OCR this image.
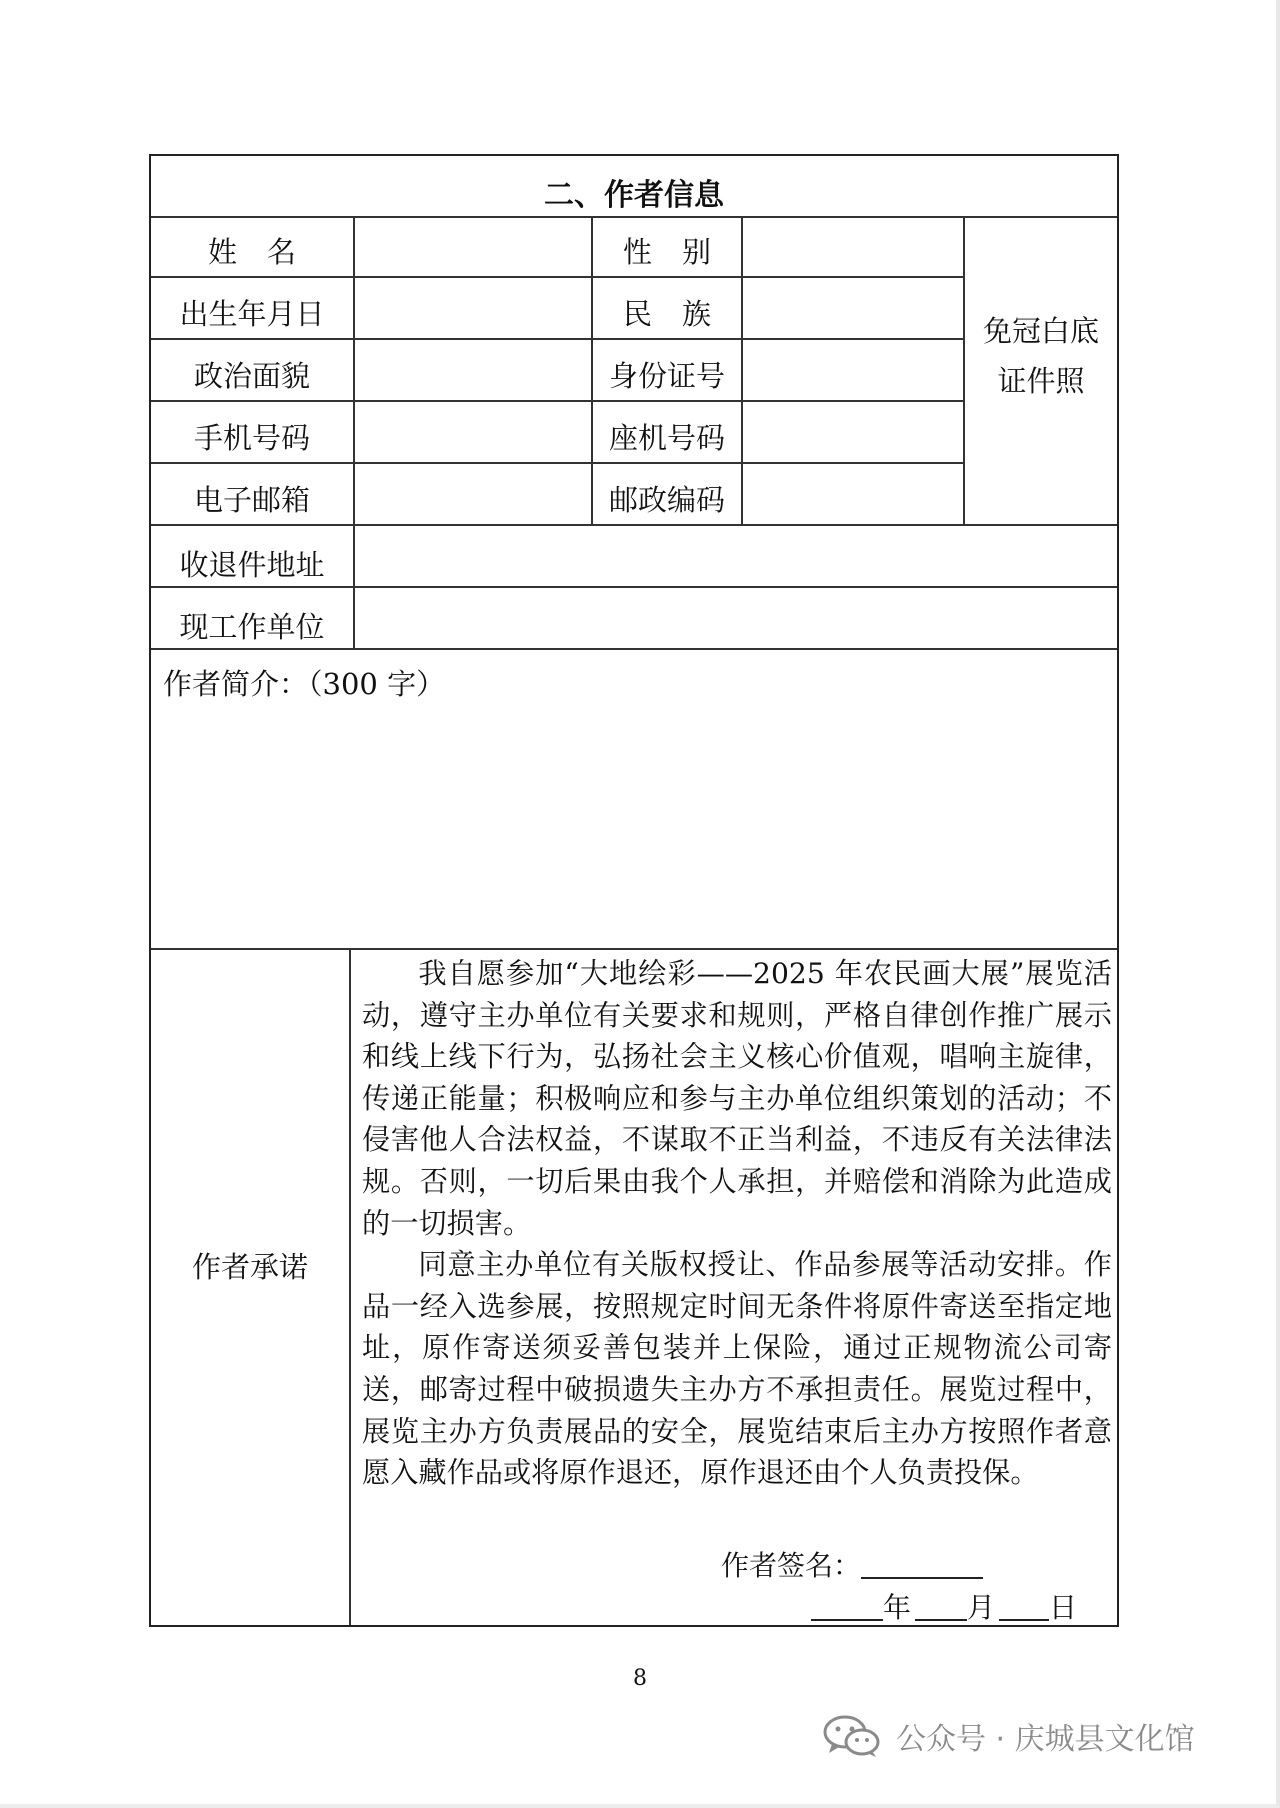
二、作者信息
姓名	性别
出生年月日	民族
政治面貌	身份证号
手机号码	座机号码
电子邮箱	邮政编码
免冠白底
证件照
收退件地址
现工作单位
作者简介：（300 字）
作者承诺

我自愿参加“大地绘彩——2025 年农民画大展”展览活动，遵守主办单位有关要求和规则，严格自律创作推广展示和线上线下行为，弘扬社会主义核心价值观，唱响主旋律，传递正能量；积极响应和参与主办单位组织策划的活动；不侵害他人合法权益，不谋取不正当利益，不违反有关法律法规。否则，一切后果由我个人承担，并赔偿和消除为此造成的一切损害。

同意主办单位有关版权授让、作品参展等活动安排。作品一经入选参展，按照规定时间无条件将原件寄送至指定地址，原作寄送须妥善包装并上保险，通过正规物流公司寄送，邮寄过程中破损遗失主办方不承担责任。展览过程中，展览主办方负责展品的安全，展览结束后主办方按照作者意愿入藏作品或将原作退还，原作退还由个人负责投保。

作者签名：
年 月 日
8
公众号 · 庆城县文化馆
